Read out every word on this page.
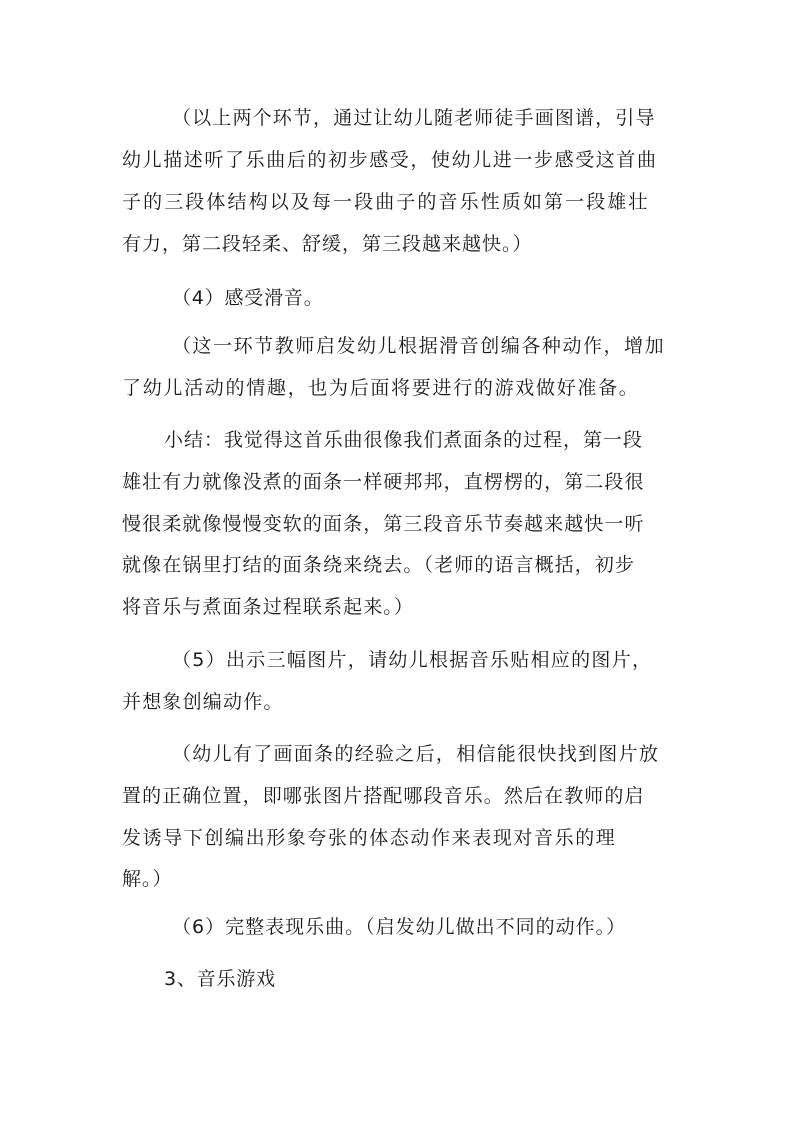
（以上两个环节，通过让幼儿随老师徒手画图谱，引导
幼儿描述听了乐曲后的初步感受，使幼儿进一步感受这首曲
子的三段体结构以及每一段曲子的音乐性质如第一段雄壮
有力，第二段轻柔、舒缓，第三段越来越快。）
（4）感受滑音。
（这一环节教师启发幼儿根据滑音创编各种动作，增加
了幼儿活动的情趣，也为后面将要进行的游戏做好准备。
小结：我觉得这首乐曲很像我们煮面条的过程，第一段
雄壮有力就像没煮的面条一样硬邦邦，直楞楞的，第二段很
慢很柔就像慢慢变软的面条，第三段音乐节奏越来越快一听
就像在锅里打结的面条绕来绕去。（老师的语言概括，初步
将音乐与煮面条过程联系起来。）
（5）出示三幅图片，请幼儿根据音乐贴相应的图片，
并想象创编动作。
（幼儿有了画面条的经验之后，相信能很快找到图片放
置的正确位置，即哪张图片搭配哪段音乐。然后在教师的启
发诱导下创编出形象夸张的体态动作来表现对音乐的理
解。）
（6）完整表现乐曲。（启发幼儿做出不同的动作。）
3、音乐游戏
